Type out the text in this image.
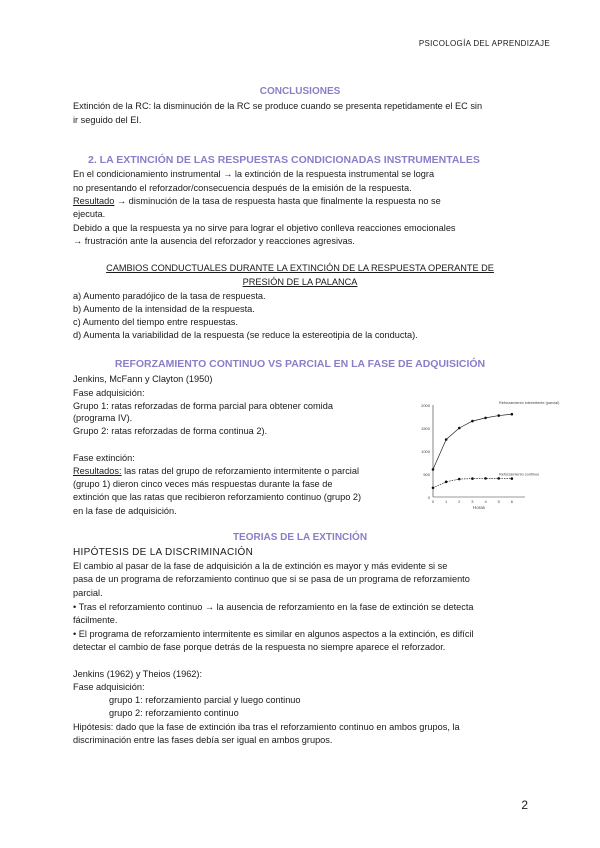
PSICOLOGÍA DEL APRENDIZAJE
CONCLUSIONES
Extinción de la RC: la disminución de la RC se produce cuando se presenta repetidamente el EC sin
ir seguido del EI.
2. LA EXTINCIÓN DE LAS RESPUESTAS CONDICIONADAS INSTRUMENTALES
En el condicionamiento instrumental → la extinción de la respuesta instrumental se logra
no presentando el reforzador/consecuencia después de la emisión de la respuesta.
Resultado → disminución de la tasa de respuesta hasta que finalmente la respuesta no se
ejecuta.
Debido a que la respuesta ya no sirve para lograr el objetivo conlleva reacciones emocionales
→ frustración ante la ausencia del reforzador y reacciones agresivas.
CAMBIOS CONDUCTUALES DURANTE LA EXTINCIÓN DE LA RESPUESTA OPERANTE DE
PRESIÓN DE LA PALANCA
a) Aumento paradójico de la tasa de respuesta.
b) Aumento de la intensidad de la respuesta.
c) Aumento del tiempo entre respuestas.
d) Aumenta la variabilidad de la respuesta (se reduce la estereotipia de la conducta).
REFORZAMIENTO CONTINUO VS PARCIAL EN LA FASE DE ADQUISICIÓN
Jenkins, McFann y Clayton (1950)
Fase adquisición:
Grupo 1: ratas reforzadas de forma parcial para obtener comida
(programa IV).
Grupo 2: ratas reforzadas de forma continua 2).
Fase extinción:
Resultados: las ratas del grupo de reforzamiento intermitente o parcial
(grupo 1) dieron cinco veces más respuestas durante la fase de
extinción que las ratas que recibieron reforzamiento continuo (grupo 2)
en la fase de adquisición.
2000
1500
1000
500
0
0	1	2	3	4	5	6
Horas
Reforzamiento intermitente (parcial)
Reforzamiento continuo
TEORIAS DE LA EXTINCIÓN
HIPÓTESIS DE LA DISCRIMINACIÓN
El cambio al pasar de la fase de adquisición a la de extinción es mayor y más evidente si se
pasa de un programa de reforzamiento continuo que si se pasa de un programa de reforzamiento
parcial.
• Tras el reforzamiento continuo → la ausencia de reforzamiento en la fase de extinción se detecta
fácilmente.
• El programa de reforzamiento intermitente es similar en algunos aspectos a la extinción, es difícil
detectar el cambio de fase porque detrás de la respuesta no siempre aparece el reforzador.
Jenkins (1962) y Theios (1962):
Fase adquisición:
grupo 1: reforzamiento parcial y luego continuo
grupo 2: reforzamiento continuo
Hipótesis: dado que la fase de extinción iba tras el reforzamiento continuo en ambos grupos, la
discriminación entre las fases debía ser igual en ambos grupos.
2
